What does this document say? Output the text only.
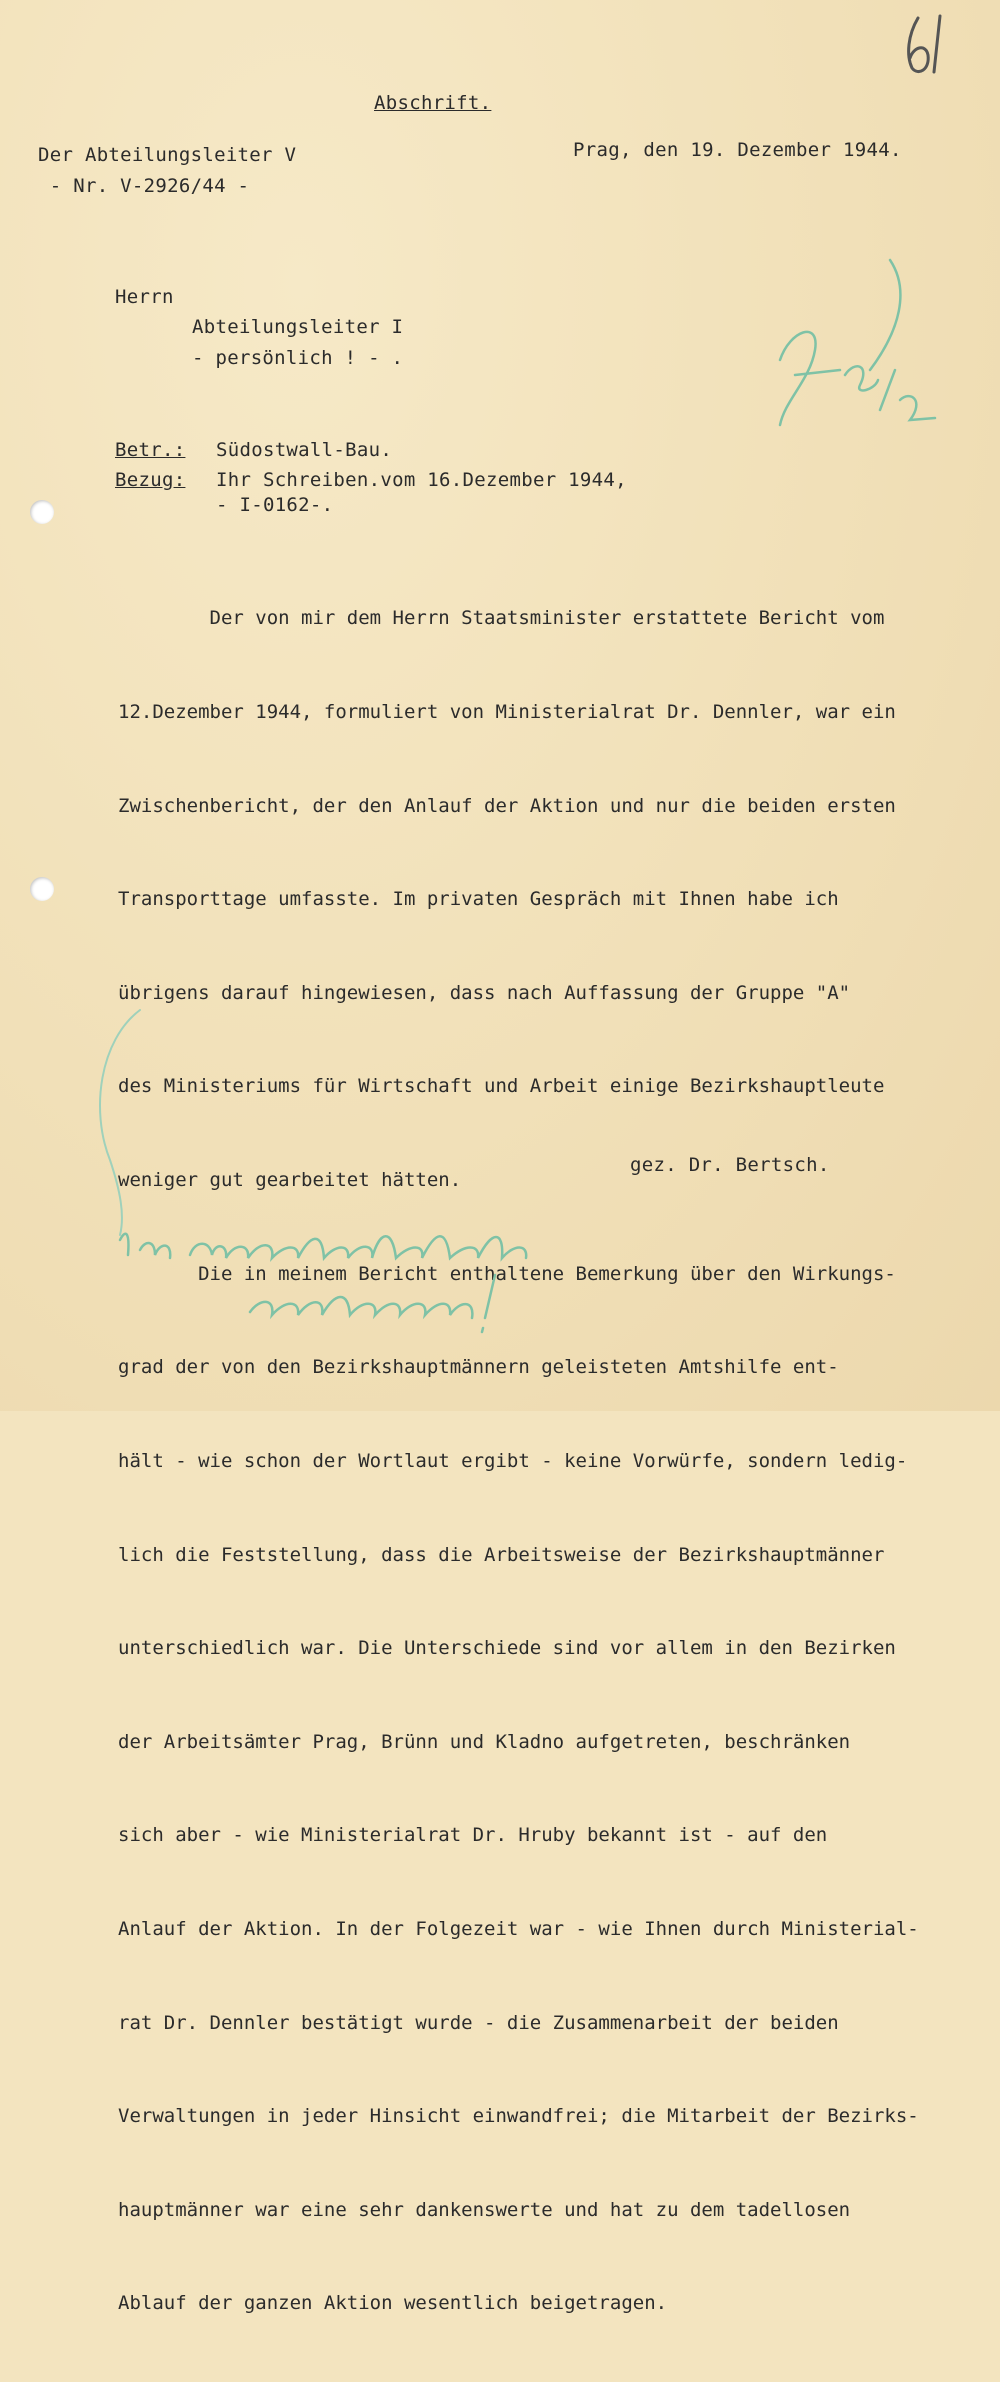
Abschrift.
Der Abteilungsleiter V
- Nr. V-2926/44 -
Prag, den 19. Dezember 1944.
Herrn
Abteilungsleiter I
- persönlich ! - .
Betr.: Südostwall-Bau.
Bezug: Ihr Schreiben.vom 16.Dezember 1944,
- I-0162-.

Der von mir dem Herrn Staatsminister erstattete Bericht vom

12.Dezember 1944, formuliert von Ministerialrat Dr. Dennler, war ein

Zwischenbericht, der den Anlauf der Aktion und nur die beiden ersten

Transporttage umfasste. Im privaten Gespräch mit Ihnen habe ich

übrigens darauf hingewiesen, dass nach Auffassung der Gruppe "A"

des Ministeriums für Wirtschaft und Arbeit einige Bezirkshauptleute

weniger gut gearbeitet hätten.

Die in meinem Bericht enthaltene Bemerkung über den Wirkungs-

grad der von den Bezirkshauptmännern geleisteten Amtshilfe ent-

hält - wie schon der Wortlaut ergibt - keine Vorwürfe, sondern ledig-

lich die Feststellung, dass die Arbeitsweise der Bezirkshauptmänner

unterschiedlich war. Die Unterschiede sind vor allem in den Bezirken

der Arbeitsämter Prag, Brünn und Kladno aufgetreten, beschränken

sich aber - wie Ministerialrat Dr. Hruby bekannt ist - auf den

Anlauf der Aktion. In der Folgezeit war - wie Ihnen durch Ministerial-

rat Dr. Dennler bestätigt wurde - die Zusammenarbeit der beiden

Verwaltungen in jeder Hinsicht einwandfrei; die Mitarbeit der Bezirks-

hauptmänner war eine sehr dankenswerte und hat zu dem tadellosen

Ablauf der ganzen Aktion wesentlich beigetragen.

gez. Dr. Bertsch.
